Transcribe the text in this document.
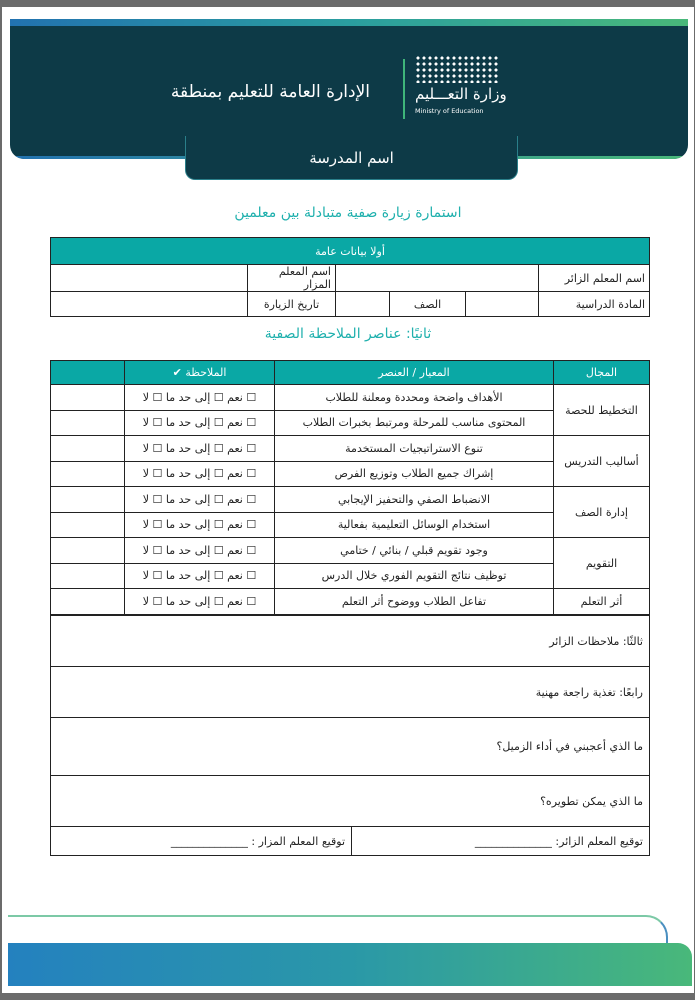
وزارة التعـــليم
Ministry of Education
الإدارة العامة للتعليم بمنطقة
اسم المدرسة
استمارة زيارة صفية متبادلة بين معلمين
أولا بيانات عامة					
اسم المعلم الزائر				اسم المعلم المزار	
المادة الدراسية		الصف		تاريخ الزيارة	
ثانيًا: عناصر الملاحظة الصفية
المجال	المعيار / العنصر	الملاحظة ✔	
التخطيط للحصة	الأهداف واضحة ومحددة ومعلنة للطلاب	☐ نعم ☐ إلى حد ما ☐ لا	
	المحتوى مناسب للمرحلة ومرتبط بخبرات الطلاب	☐ نعم ☐ إلى حد ما ☐ لا	
أساليب التدريس	تنوع الاستراتيجيات المستخدمة	☐ نعم ☐ إلى حد ما ☐ لا	
	إشراك جميع الطلاب وتوزيع الفرص	☐ نعم ☐ إلى حد ما ☐ لا	
إدارة الصف	الانضباط الصفي والتحفيز الإيجابي	☐ نعم ☐ إلى حد ما ☐ لا	
	استخدام الوسائل التعليمية بفعالية	☐ نعم ☐ إلى حد ما ☐ لا	
التقويم	وجود تقويم قبلي / بنائي / ختامي	☐ نعم ☐ إلى حد ما ☐ لا	
	توظيف نتائج التقويم الفوري خلال الدرس	☐ نعم ☐ إلى حد ما ☐ لا	
أثر التعلم	تفاعل الطلاب ووضوح أثر التعلم	☐ نعم ☐ إلى حد ما ☐ لا	
ثالثًا: ملاحظات الزائر
رابعًا: تغذية راجعة مهنية
ما الذي أعجبني في أداء الزميل؟
ما الذي يمكن تطويره؟
توقيع المعلم الزائر: ______________	توقيع المعلم المزار : ______________
